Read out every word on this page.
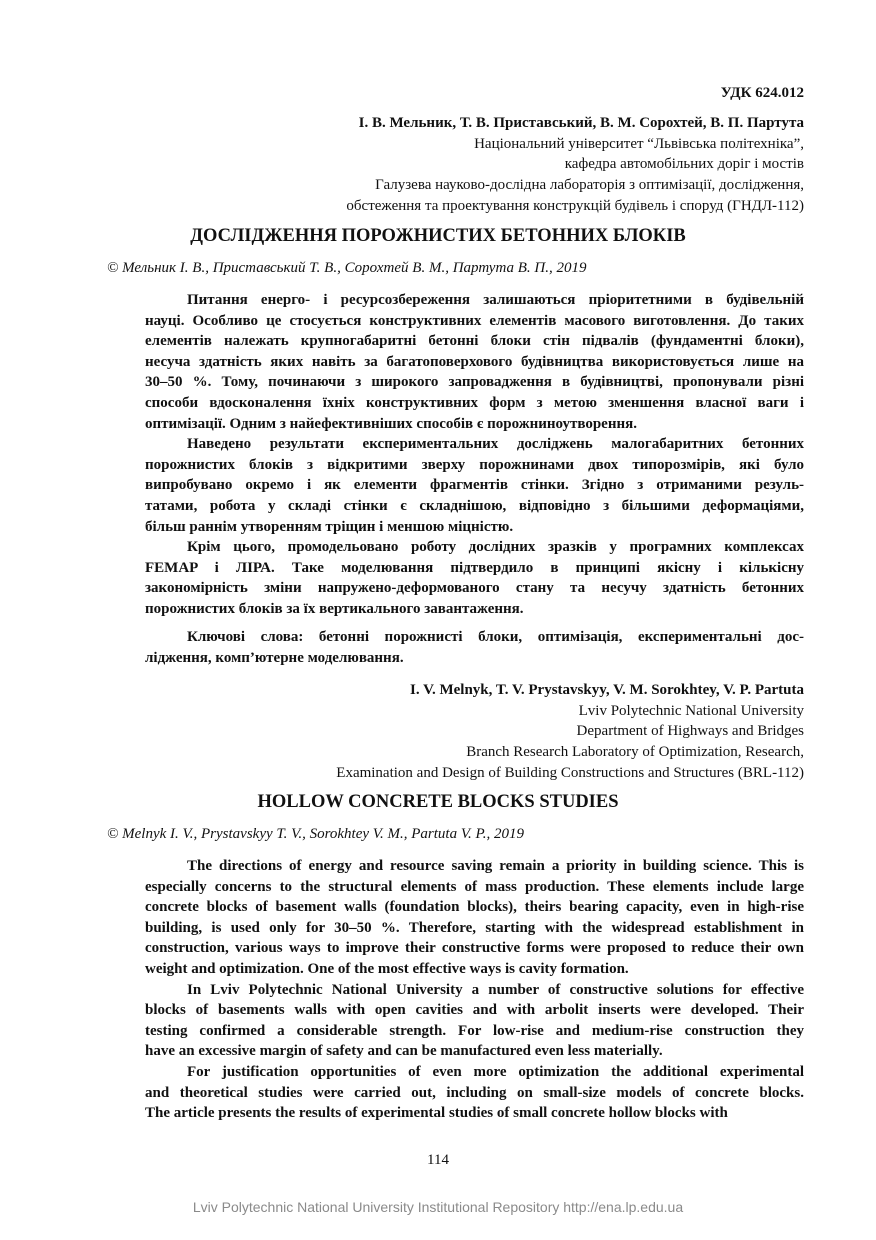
УДК 624.012
І. В. Мельник, Т. В. Приставський, В. М. Сорохтей, В. П. Партута
Національний університет “Львівська політехніка”,
кафедра автомобільних доріг і мостів
Галузева науково-дослідна лабораторія з оптимізації, дослідження,
обстеження та проектування конструкцій будівель і споруд (ГНДЛ-112)
ДОСЛІДЖЕННЯ ПОРОЖНИСТИХ БЕТОННИХ БЛОКІВ
© Мельник І. В., Приставський Т. В., Сорохтей В. М., Партута В. П., 2019
Питання енерго- і ресурсозбереження залишаються пріоритетними в будівельній
науці. Особливо це стосується конструктивних елементів масового виготовлення. До таких
елементів належать крупногабаритні бетонні блоки стін підвалів (фундаментні блоки),
несуча здатність яких навіть за багатоповерхового будівництва використовується лише на
30–50 %. Тому, починаючи з широкого запровадження в будівництві, пропонували різні
способи вдосконалення їхніх конструктивних форм з метою зменшення власної ваги і
оптимізації. Одним з найефективніших способів є порожниноутворення.
Наведено результати експериментальних досліджень малогабаритних бетонних
порожнистих блоків з відкритими зверху порожнинами двох типорозмірів, які було
випробувано окремо і як елементи фрагментів стінки. Згідно з отриманими резуль-
татами, робота у складі стінки є складнішою, відповідно з більшими деформаціями,
більш раннім утворенням тріщин і меншою міцністю.
Крім цього, промодельовано роботу дослідних зразків у програмних комплексах
FEMAP і ЛІРА. Таке моделювання підтвердило в принципі якісну і кількісну
закономірність зміни напружено-деформованого стану та несучу здатність бетонних
порожнистих блоків за їх вертикального завантаження.
Ключові слова: бетонні порожнисті блоки, оптимізація, експериментальні дос-
лідження, комп’ютерне моделювання.
I. V. Melnyk, T. V. Prystavskyy, V. M. Sorokhtey, V. P. Partuta
Lviv Polytechnic National University
Department of Highways and Bridges
Branch Research Laboratory of Optimization, Research,
Examination and Design of Building Constructions and Structures (BRL-112)
HOLLOW CONCRETE BLOCKS STUDIES
© Melnyk I. V., Prystavskyy T. V., Sorokhtey V. M., Partuta V. P., 2019
The directions of energy and resource saving remain a priority in building science. This is
especially concerns to the structural elements of mass production. These elements include large
concrete blocks of basement walls (foundation blocks), theirs bearing capacity, even in high-rise
building, is used only for 30–50 %. Therefore, starting with the widespread establishment in
construction, various ways to improve their constructive forms were proposed to reduce their own
weight and optimization. One of the most effective ways is cavity formation.
In Lviv Polytechnic National University a number of constructive solutions for effective
blocks of basements walls with open cavities and with arbolit inserts were developed. Their
testing confirmed a considerable strength. For low-rise and medium-rise construction they
have an excessive margin of safety and can be manufactured even less materially.
For justification opportunities of even more optimization the additional experimental
and theoretical studies were carried out, including on small-size models of concrete blocks.
The article presents the results of experimental studies of small concrete hollow blocks with
114
Lviv Polytechnic National University Institutional Repository http://ena.lp.edu.ua
